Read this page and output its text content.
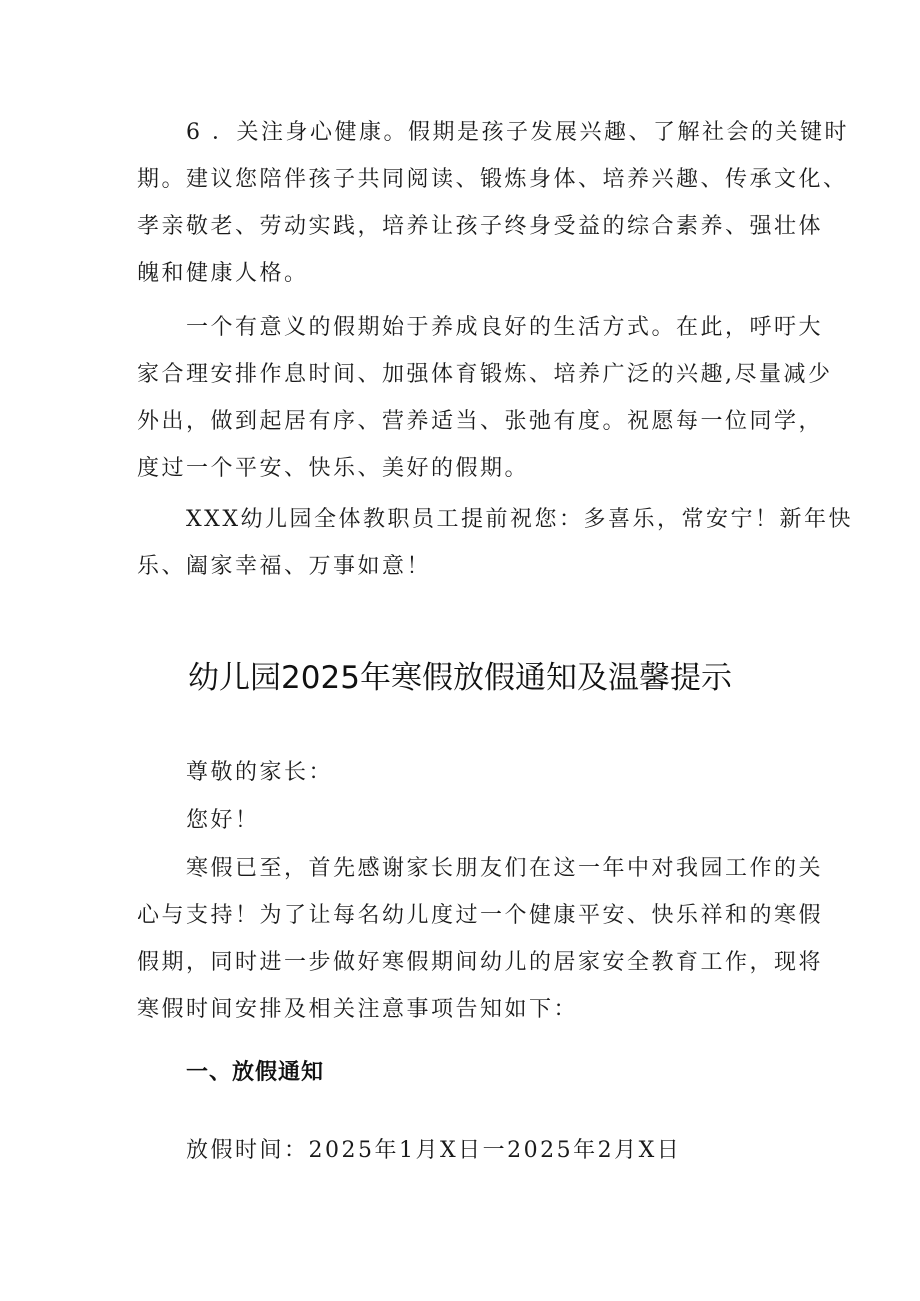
6 ．关注身心健康。假期是孩子发展兴趣、了解社会的关键时
期。建议您陪伴孩子共同阅读、锻炼身体、培养兴趣、传承文化、
孝亲敬老、劳动实践，培养让孩子终身受益的综合素养、强壮体
魄和健康人格。
一个有意义的假期始于养成良好的生活方式。在此，呼吁大
家合理安排作息时间、加强体育锻炼、培养广泛的兴趣,尽量减少
外出，做到起居有序、营养适当、张弛有度。祝愿每一位同学，
度过一个平安、快乐、美好的假期。
XXX幼儿园全体教职员工提前祝您：多喜乐，常安宁！新年快
乐、阖家幸福、万事如意！
幼儿园2025年寒假放假通知及温馨提示
尊敬的家长：
您好！
寒假已至，首先感谢家长朋友们在这一年中对我园工作的关
心与支持！为了让每名幼儿度过一个健康平安、快乐祥和的寒假
假期，同时进一步做好寒假期间幼儿的居家安全教育工作，现将
寒假时间安排及相关注意事项告知如下：
一、放假通知
放假时间：2025年1月X日一2025年2月X日
